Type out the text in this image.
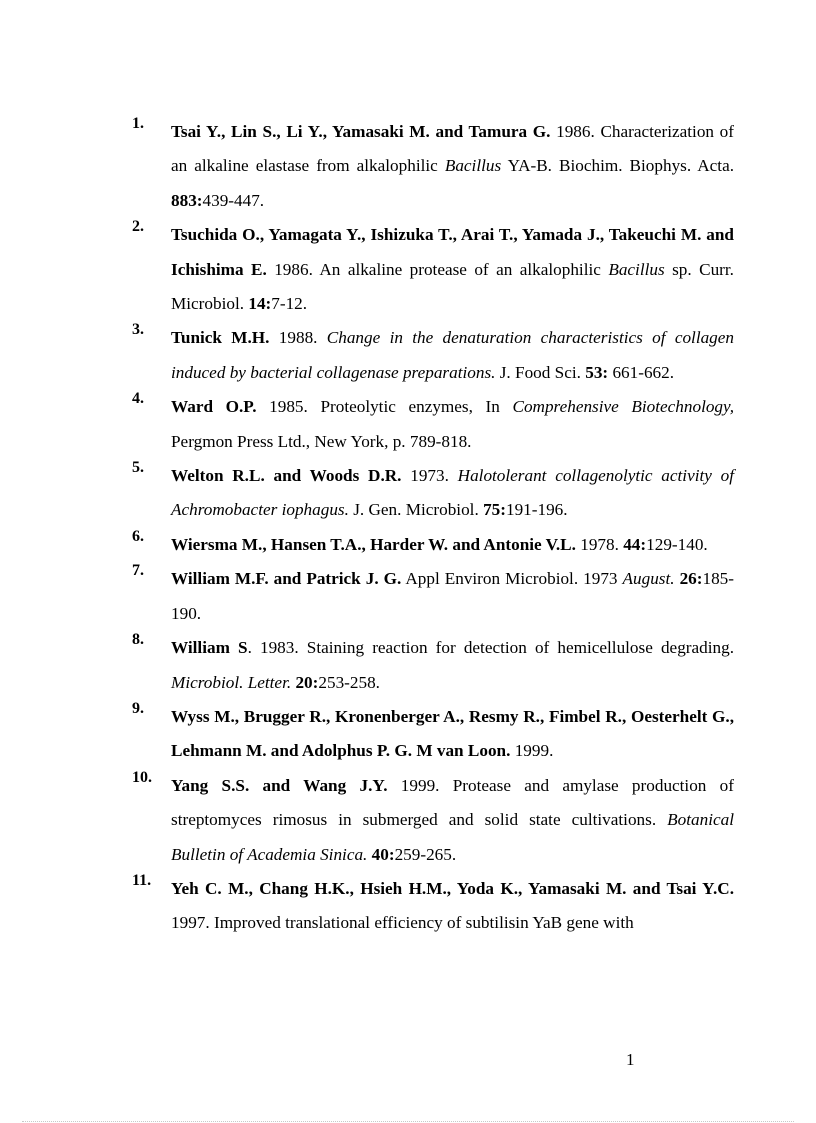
1. Tsai Y., Lin S., Li Y., Yamasaki M. and Tamura G. 1986. Characterization of an alkaline elastase from alkalophilic Bacillus YA-B. Biochim. Biophys. Acta. 883:439-447.

2. Tsuchida O., Yamagata Y., Ishizuka T., Arai T., Yamada J., Takeuchi M. and Ichishima E. 1986. An alkaline protease of an alkalophilic Bacillus sp. Curr. Microbiol. 14:7-12.

3. Tunick M.H. 1988. Change in the denaturation characteristics of collagen induced by bacterial collagenase preparations. J. Food Sci. 53: 661-662.

4. Ward O.P. 1985. Proteolytic enzymes, In Comprehensive Biotechnology, Pergmon Press Ltd., New York, p. 789-818.

5. Welton R.L. and Woods D.R. 1973. Halotolerant collagenolytic activity of Achromobacter iophagus. J. Gen. Microbiol. 75:191-196.

6. Wiersma M., Hansen T.A., Harder W. and Antonie V.L. 1978. 44:129-140.

7. William M.F. and Patrick J. G. Appl Environ Microbiol. 1973 August. 26:185-190.

8. William S. 1983. Staining reaction for detection of hemicellulose degrading. Microbiol. Letter. 20:253-258.

9. Wyss M., Brugger R., Kronenberger A., Resmy R., Fimbel R., Oesterhelt G., Lehmann M. and Adolphus P. G. M van Loon. 1999.

10. Yang S.S. and Wang J.Y. 1999. Protease and amylase production of streptomyces rimosus in submerged and solid state cultivations. Botanical Bulletin of Academia Sinica. 40:259-265.

11. Yeh C. M., Chang H.K., Hsieh H.M., Yoda K., Yamasaki M. and Tsai Y.C. 1997. Improved translational efficiency of subtilisin YaB gene with

1
